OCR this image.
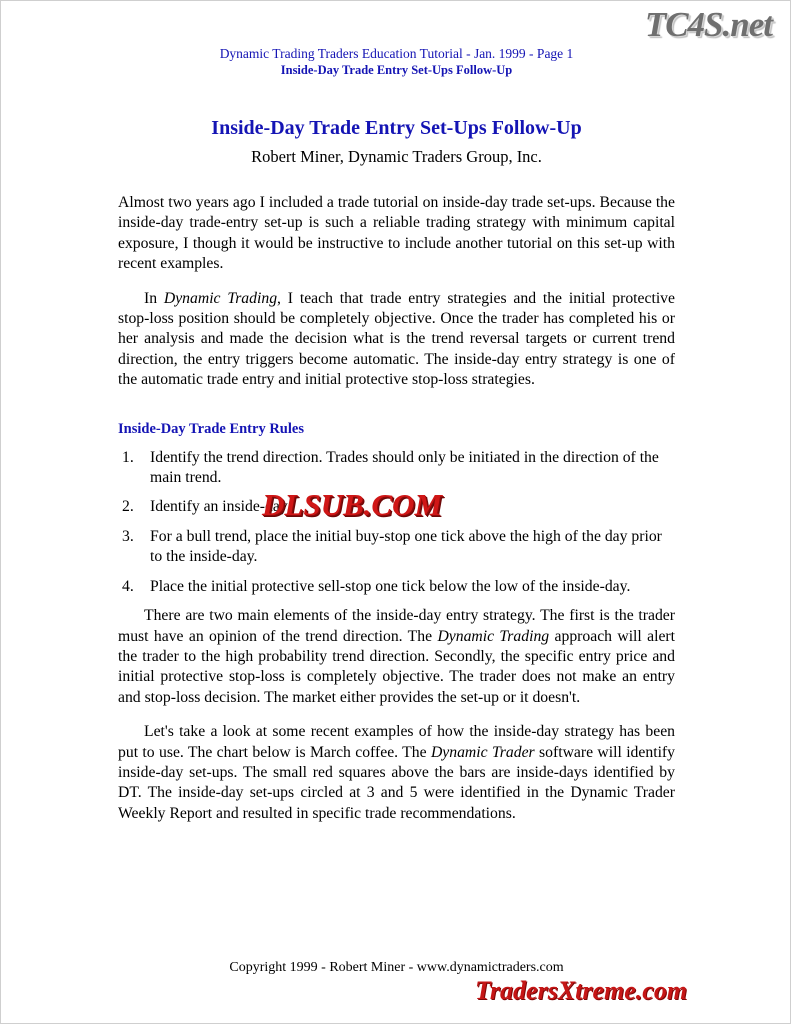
TC4S.net
Dynamic Trading Traders Education Tutorial - Jan. 1999 - Page 1
Inside-Day Trade Entry Set-Ups Follow-Up
Inside-Day Trade Entry Set-Ups Follow-Up
Robert Miner, Dynamic Traders Group, Inc.

Almost two years ago I included a trade tutorial on inside-day trade set-ups. Because the inside-day trade-entry set-up is such a reliable trading strategy with minimum capital exposure, I though it would be instructive to include another tutorial on this set-up with recent examples.

In Dynamic Trading, I teach that trade entry strategies and the initial protective stop-loss position should be completely objective. Once the trader has completed his or her analysis and made the decision what is the trend reversal targets or current trend direction, the entry triggers become automatic. The inside-day entry strategy is one of the automatic trade entry and initial protective stop-loss strategies.

Inside-Day Trade Entry Rules
1.	Identify the trend direction. Trades should only be initiated in the direction of the main trend.
2.	Identify an inside-day.
3.	For a bull trend, place the initial buy-stop one tick above the high of the day prior to the inside-day.
4.	Place the initial protective sell-stop one tick below the low of the inside-day.

There are two main elements of the inside-day entry strategy. The first is the trader must have an opinion of the trend direction. The Dynamic Trading approach will alert the trader to the high probability trend direction. Secondly, the specific entry price and initial protective stop-loss is completely objective. The trader does not make an entry and stop-loss decision. The market either provides the set-up or it doesn't.

Let's take a look at some recent examples of how the inside-day strategy has been put to use. The chart below is March coffee. The Dynamic Trader software will identify inside-day set-ups. The small red squares above the bars are inside-days identified by DT. The inside-day set-ups circled at 3 and 5 were identified in the Dynamic Trader Weekly Report and resulted in specific trade recommendations.

DLSUB.COM
Copyright 1999 - Robert Miner - www.dynamictraders.com
TradersXtreme.com
